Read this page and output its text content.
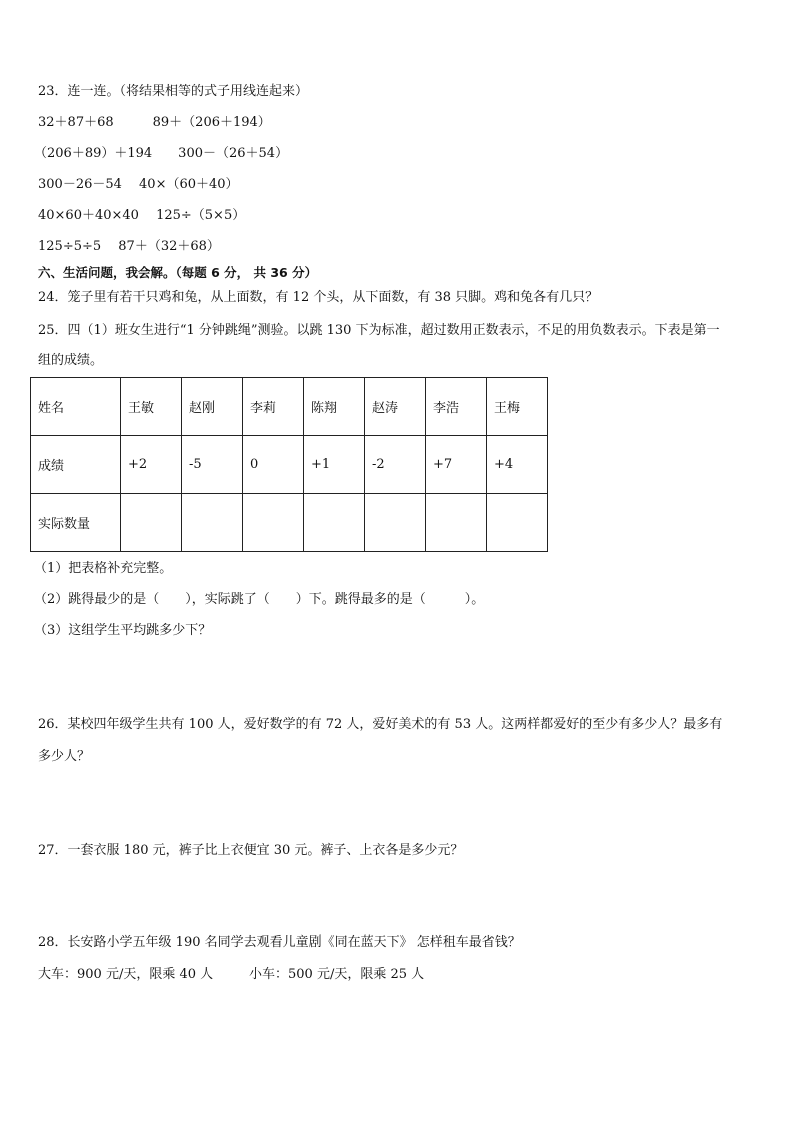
23．连一连。（将结果相等的式子用线连起来）
32＋87＋68　　　89＋（206＋194）
（206＋89）＋194　　300－（26＋54）
300－26－54　 40×（60＋40）
40×60＋40×40　 125÷（5×5）
125÷5÷5　 87＋（32＋68）
六、生活问题，我会解。（每题 6 分， 共 36 分）
24．笼子里有若干只鸡和兔，从上面数，有 12 个头，从下面数，有 38 只脚。鸡和兔各有几只？
25．四（1）班女生进行“1 分钟跳绳”测验。以跳 130 下为标准，超过数用正数表示，不足的用负数表示。下表是第一
组的成绩。
姓名	王敏	赵刚	李莉	陈翔	赵涛	李浩	王梅
成绩	+2	-5	0	+1	-2	+7	+4
实际数量							
（1）把表格补充完整。
（2）跳得最少的是（　　），实际跳了（　　）下。跳得最多的是（　　　）。
（3）这组学生平均跳多少下？
26．某校四年级学生共有 100 人，爱好数学的有 72 人，爱好美术的有 53 人。这两样都爱好的至少有多少人？最多有
多少人？
27．一套衣服 180 元，裤子比上衣便宜 30 元。裤子、上衣各是多少元？
28．长安路小学五年级 190 名同学去观看儿童剧《同在蓝天下》 怎样租车最省钱？
大车：900 元/天，限乘 40 人	小车：500 元/天，限乘 25 人
